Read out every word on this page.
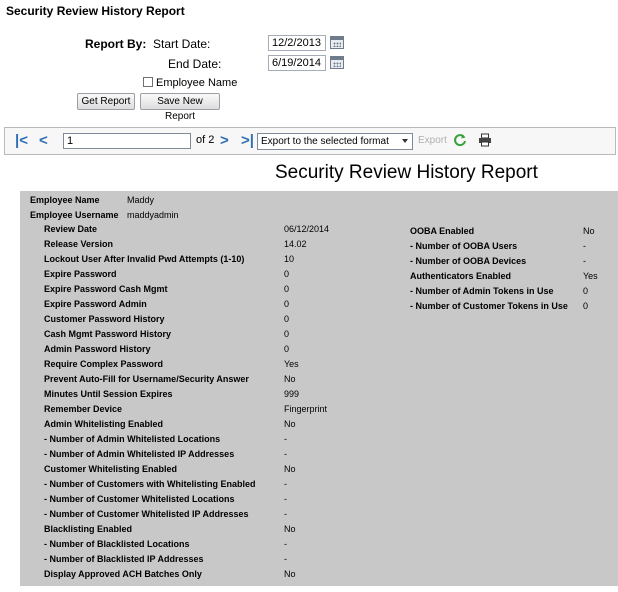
Security Review History Report
Report By: Start Date:
12/2/2013
End Date:
6/19/2014
Employee Name
Get Report	Save New Report
|< <
1	of 2 > >| Export to the selected format	Export
Security Review History Report
Employee Name	Maddy
Employee Username maddyadmin
Review Date	06/12/2014
Release Version	14.02
Lockout User After Invalid Pwd Attempts (1-10)	10
Expire Password	0
Expire Password Cash Mgmt	0
Expire Password Admin	0
Customer Password History	0
Cash Mgmt Password History	0
Admin Password History	0
Require Complex Password	Yes
Prevent Auto-Fill for Username/Security Answer	No
Minutes Until Session Expires	999
Remember Device	Fingerprint
Admin Whitelisting Enabled	No
- Number of Admin Whitelisted Locations	-
- Number of Admin Whitelisted IP Addresses	-
Customer Whitelisting Enabled	No
- Number of Customers with Whitelisting Enabled	-
- Number of Customer Whitelisted Locations	-
- Number of Customer Whitelisted IP Addresses	-
Blacklisting Enabled	No
- Number of Blacklisted Locations	-
- Number of Blacklisted IP Addresses	-
Display Approved ACH Batches Only	No
OOBA Enabled	No
- Number of OOBA Users	-
- Number of OOBA Devices	-
Authenticators Enabled	Yes
- Number of Admin Tokens in Use	0
- Number of Customer Tokens in Use 0
